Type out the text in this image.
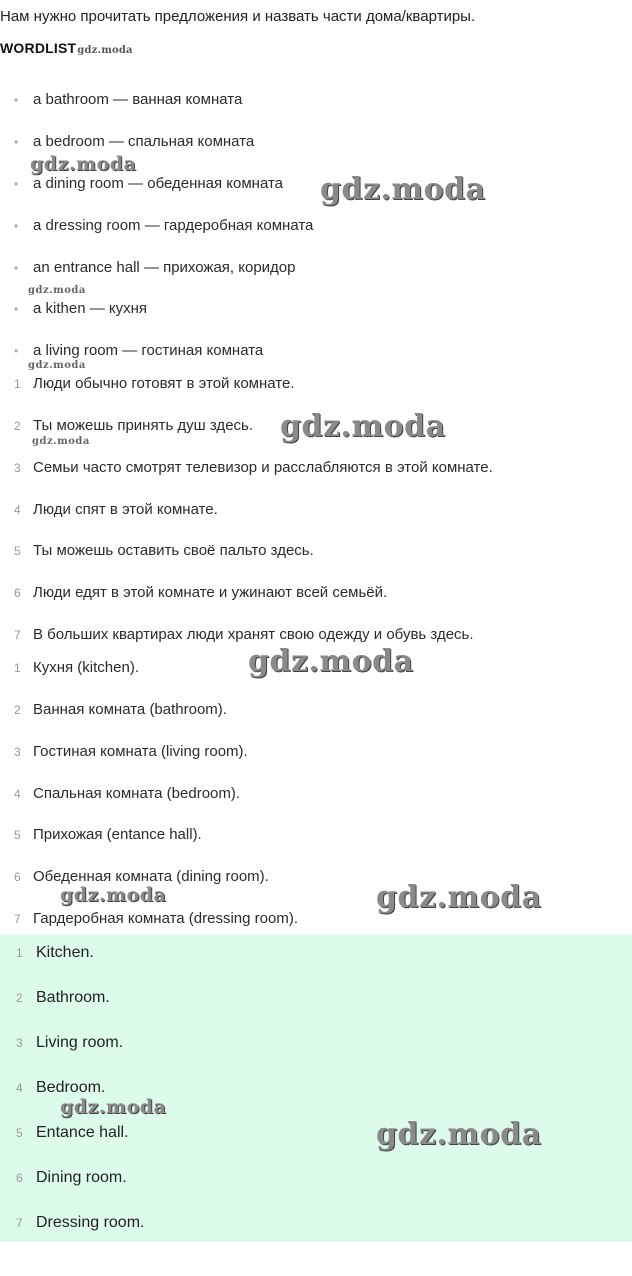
Нам нужно прочитать предложения и назвать части дома/квартиры.
WORDLISTgdz.moda
• a bathroom — ванная комната
• a bedroom — спальная комната
• a dining room — обеденная комната
• a dressing room — гардеробная комната
• an entrance hall — прихожая, коридор
• a kithen — кухня
• a living room — гостиная комната
1 Люди обычно готовят в этой комнате.
2 Ты можешь принять душ здесь.
3 Семьи часто смотрят телевизор и расслабляются в этой комнате.
4 Люди спят в этой комнате.
5 Ты можешь оставить своё пальто здесь.
6 Люди едят в этой комнате и ужинают всей семьёй.
7 В больших квартирах люди хранят свою одежду и обувь здесь.
1 Кухня (kitchen).
2 Ванная комната (bathroom).
3 Гостиная комната (living room).
4 Спальная комната (bedroom).
5 Прихожая (entance hall).
6 Обеденная комната (dining room).
7 Гардеробная комната (dressing room).
1 Kitchen.
2 Bathroom.
3 Living room.
4 Bedroom.
5 Entance hall.
6 Dining room.
7 Dressing room.
gdz.moda
gdz.moda
gdz.moda
gdz.moda
gdz.moda
gdz.moda
gdz.moda
gdz.moda	gdz.moda
gdz.moda
gdz.moda
